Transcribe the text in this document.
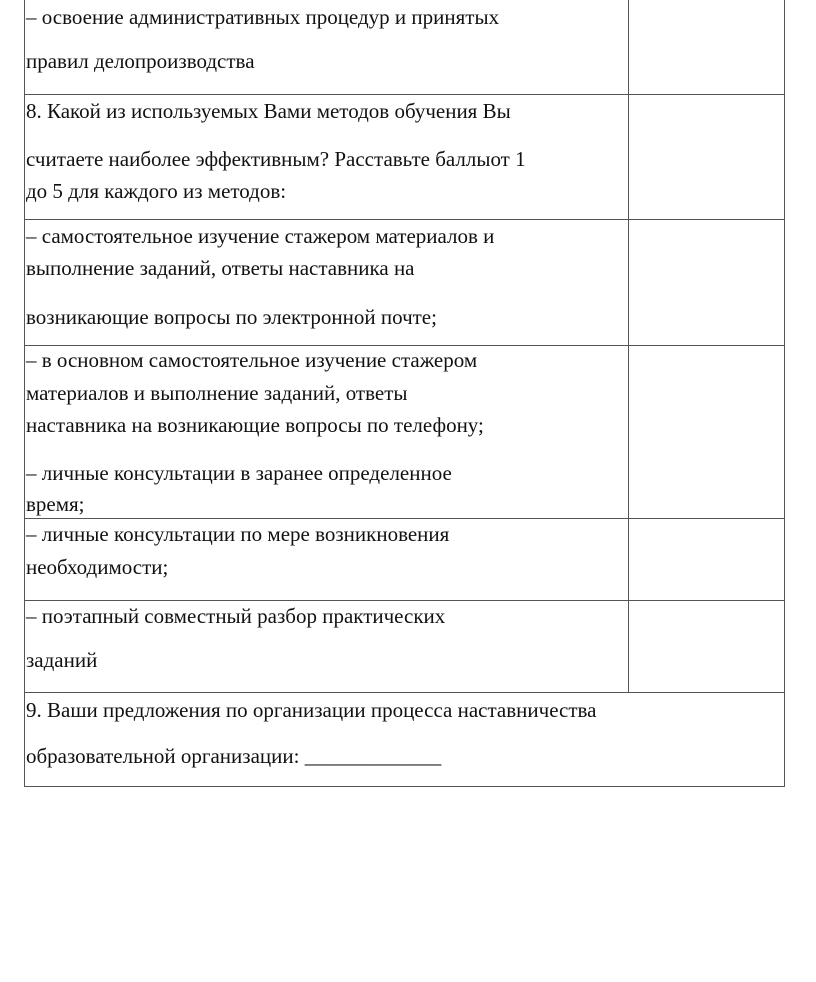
– освоение административных процедур и принятых
правил делопроизводства
8. Какой из используемых Вами методов обучения Вы
считаете наиболее эффективным? Расставьте баллыот 1
до 5 для каждого из методов:
– самостоятельное изучение стажером материалов и
выполнение заданий, ответы наставника на
возникающие вопросы по электронной почте;
– в основном самостоятельное изучение стажером
материалов и выполнение заданий, ответы
наставника на возникающие вопросы по телефону;
– личные консультации в заранее определенное
время;
– личные консультации по мере возникновения
необходимости;
– поэтапный совместный разбор практических
заданий
9. Ваши предложения по организации процесса наставничества
образовательной организации: _____________
